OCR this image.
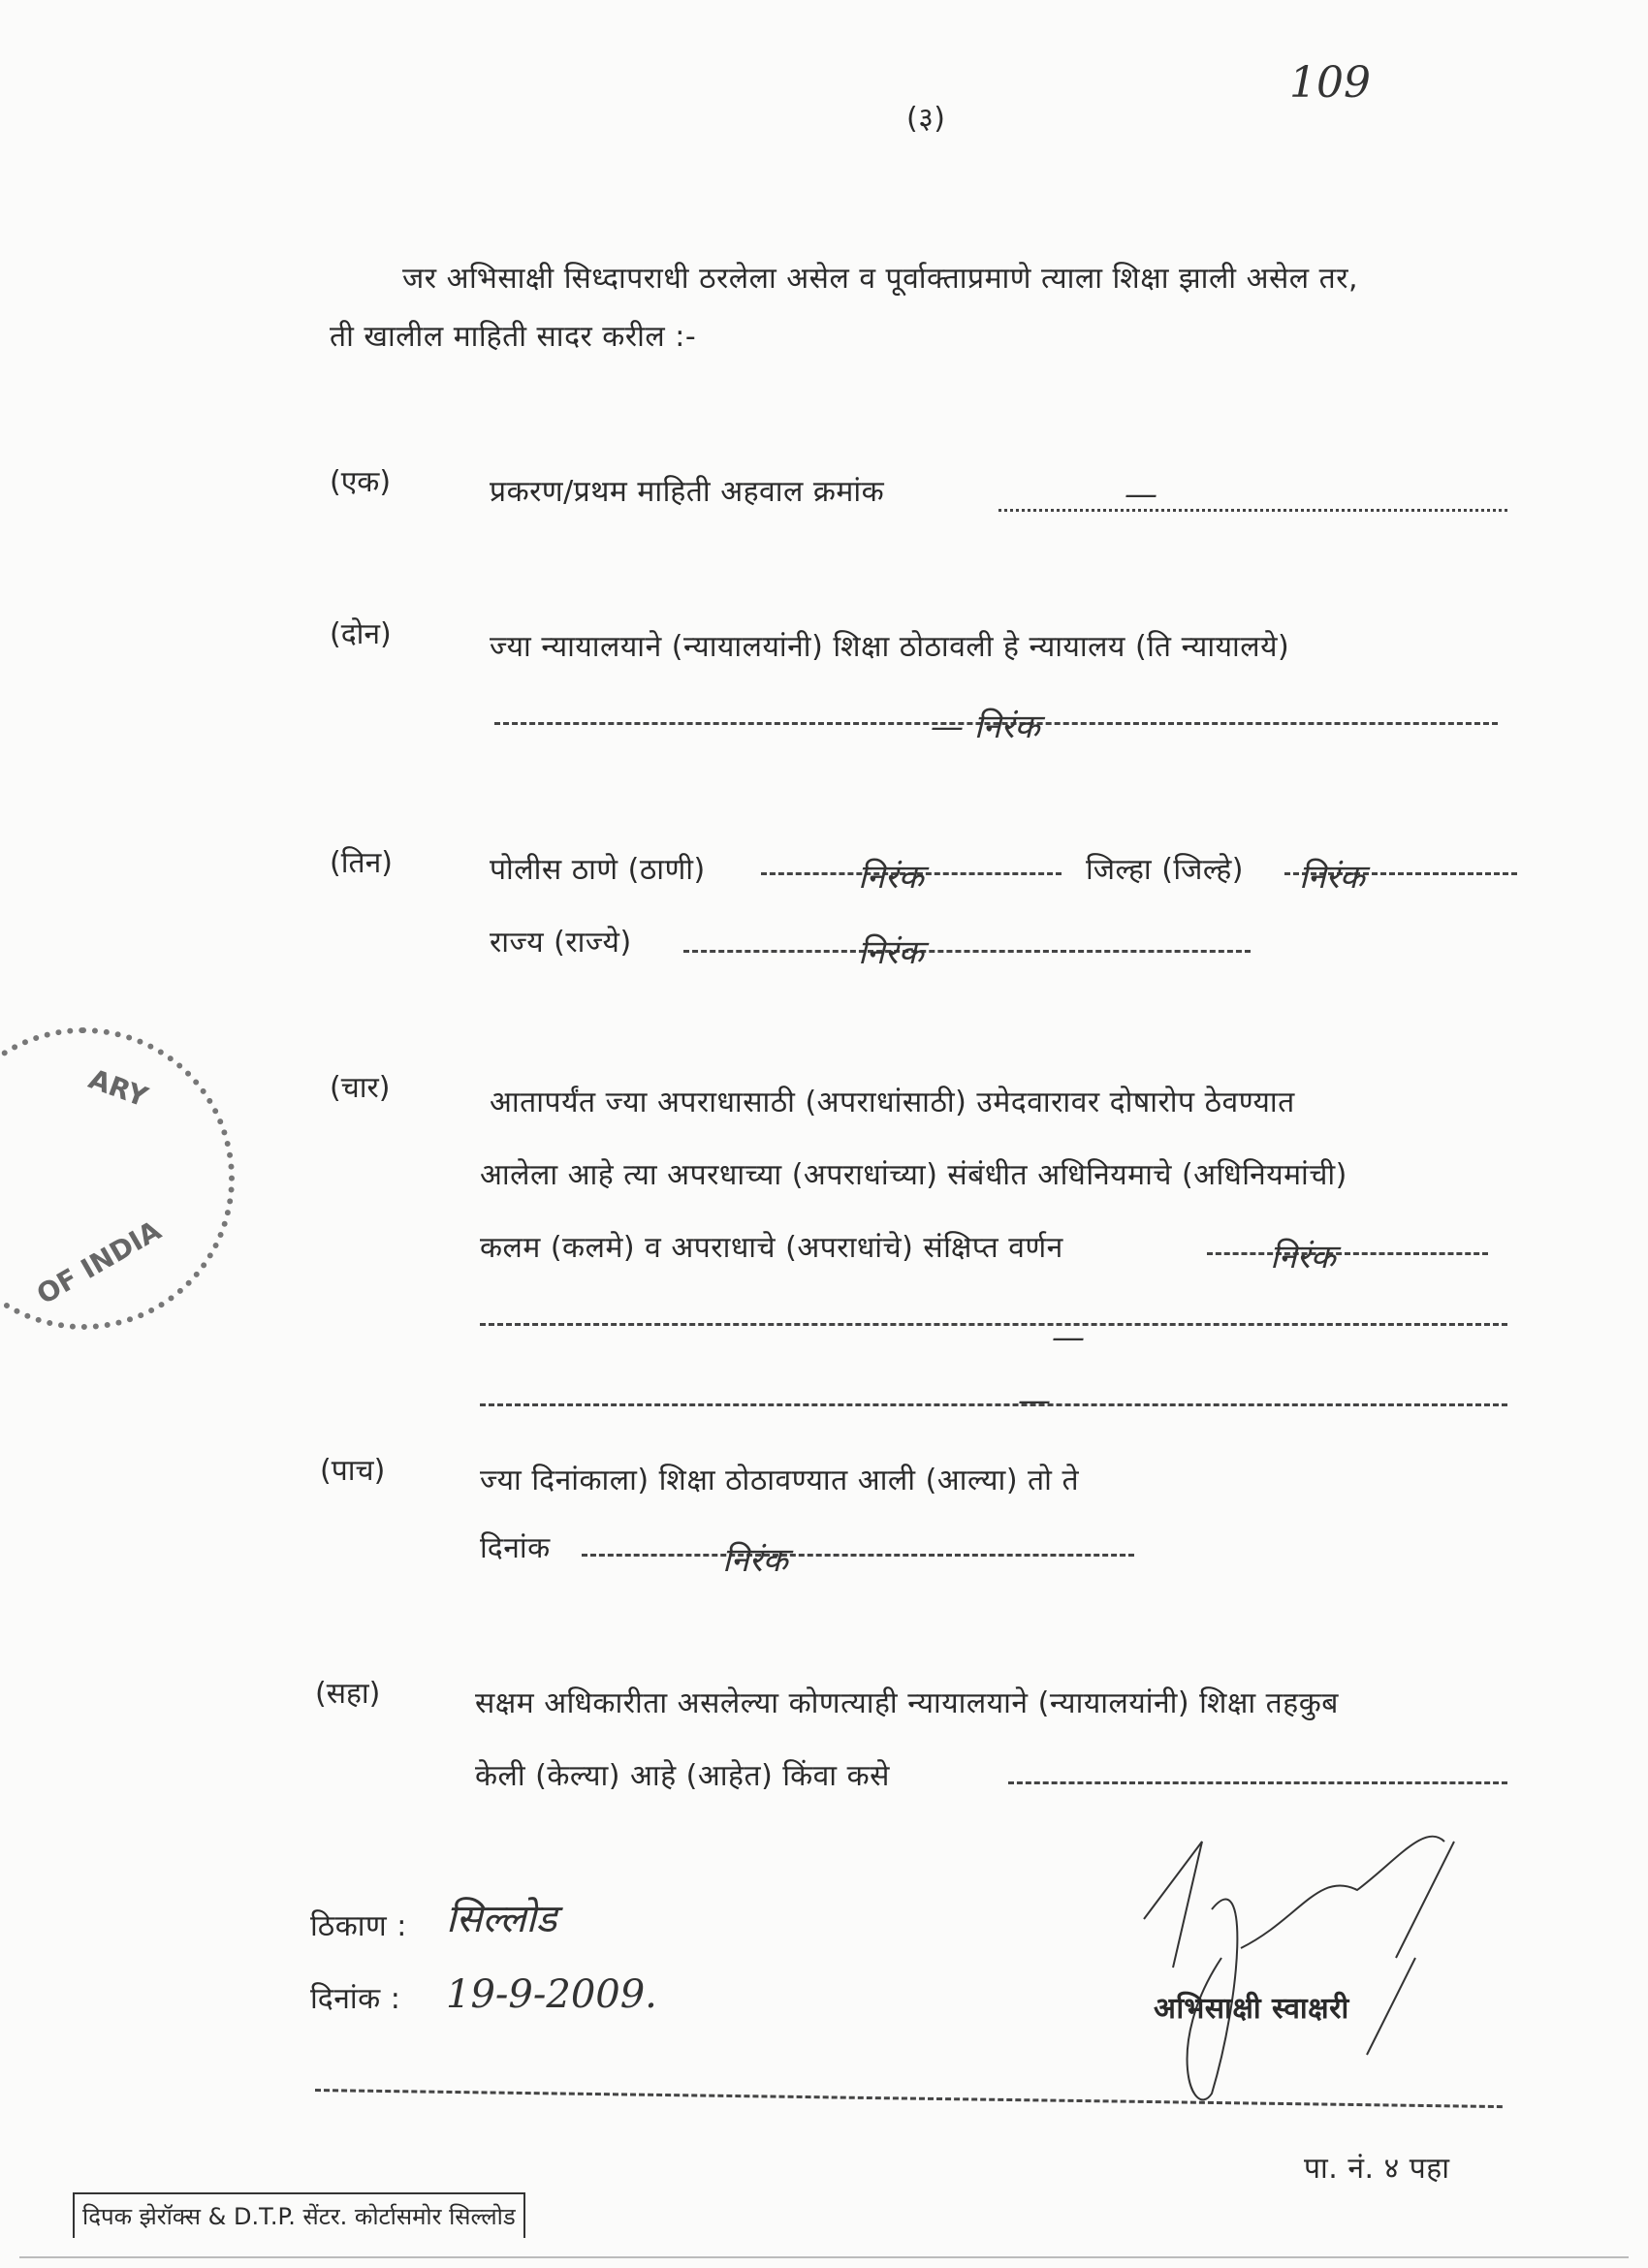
(३)
109
जर अभिसाक्षी सिध्दापराधी ठरलेला असेल व पूर्वाक्ताप्रमाणे त्याला शिक्षा झाली असेल तर,
ती खालील माहिती सादर करील :-
(एक)	प्रकरण/प्रथम माहिती अहवाल क्रमांक	—
(दोन)	ज्या न्यायालयाने (न्यायालयांनी) शिक्षा ठोठावली हे न्यायालय (ति न्यायालये)
— निरंक
(तिन)	पोलीस ठाणे (ठाणी)	निरंक	जिल्हा (जिल्हे) निरंक
राज्य (राज्ये)	निरंक
(चार)	आतापर्यंत ज्या अपराधासाठी (अपराधांसाठी) उमेदवारावर दोषारोप ठेवण्यात
आलेला आहे त्या अपरधाच्या (अपराधांच्या) संबंधीत अधिनियमाचे (अधिनियमांची)
कलम (कलमे) व अपराधाचे (अपराधांचे) संक्षिप्त वर्णन	निरंक
—
—
(पाच)	ज्या दिनांकाला) शिक्षा ठोठावण्यात आली (आल्या) तो ते
दिनांक	निरंक
(सहा)	सक्षम अधिकारीता असलेल्या कोणत्याही न्यायालयाने (न्यायालयांनी) शिक्षा तहकुब
केली (केल्या) आहे (आहेत) किंवा कसे
ठिकाण : सिल्लोड
दिनांक : 19-9-2009.	अभिसाक्षी स्वाक्षरी
पा. नं. ४ पहा
ARY
OF INDIA
दिपक झेरॉक्स & D.T.P. सेंटर. कोर्टासमोर सिल्लोड
